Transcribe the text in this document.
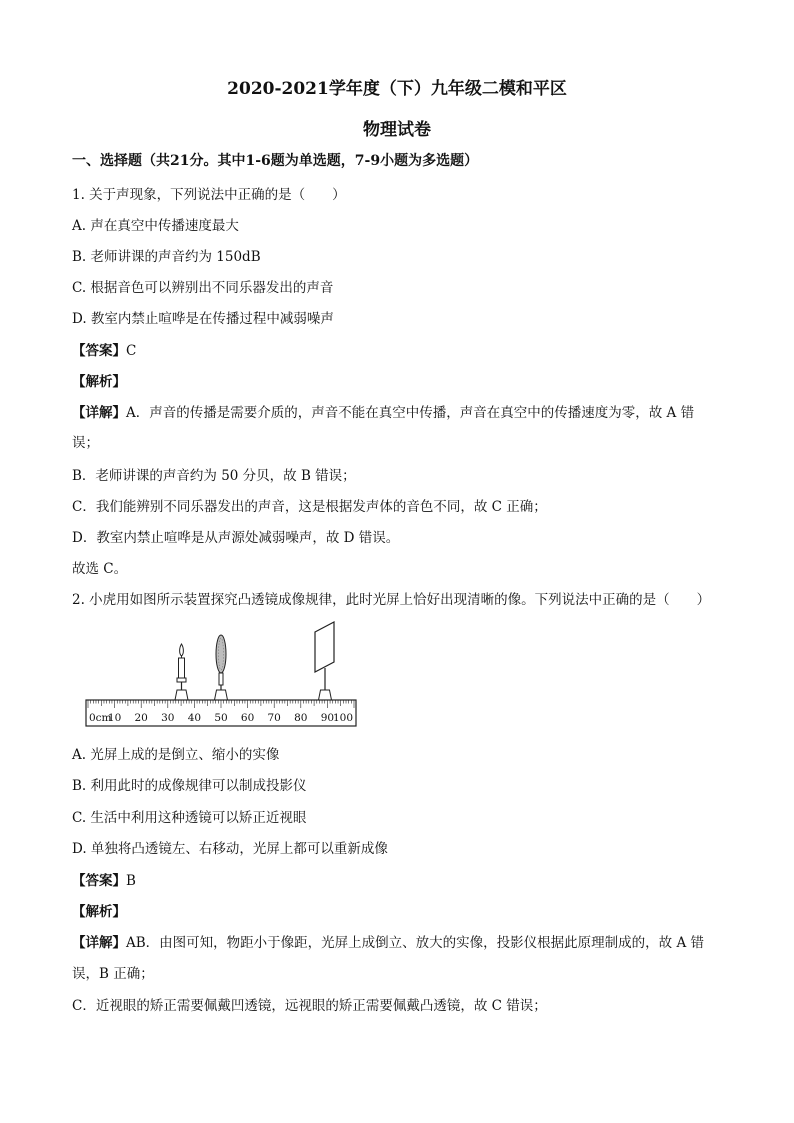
2020-2021学年度（下）九年级二模和平区
物理试卷
一、选择题（共21分。其中1-6题为单选题，7-9小题为多选题）
1. 关于声现象，下列说法中正确的是（　　）
A. 声在真空中传播速度最大
B. 老师讲课的声音约为 150dB
C. 根据音色可以辨别出不同乐器发出的声音
D. 教室内禁止喧哗是在传播过程中减弱噪声
【答案】C
【解析】
【详解】A．声音的传播是需要介质的，声音不能在真空中传播，声音在真空中的传播速度为零，故 A 错
误；
B．老师讲课的声音约为 50 分贝，故 B 错误；
C．我们能辨别不同乐器发出的声音，这是根据发声体的音色不同，故 C 正确；
D．教室内禁止喧哗是从声源处减弱噪声，故 D 错误。
故选 C。
2. 小虎用如图所示装置探究凸透镜成像规律，此时光屏上恰好出现清晰的像。下列说法中正确的是（　　）
0cm
10 20 30 40 50 60 70 80 90
100
A. 光屏上成的是倒立、缩小的实像
B. 利用此时的成像规律可以制成投影仪
C. 生活中利用这种透镜可以矫正近视眼
D. 单独将凸透镜左、右移动，光屏上都可以重新成像
【答案】B
【解析】
【详解】AB．由图可知，物距小于像距，光屏上成倒立、放大的实像，投影仪根据此原理制成的，故 A 错
误，B 正确；
C．近视眼的矫正需要佩戴凹透镜，远视眼的矫正需要佩戴凸透镜，故 C 错误；
